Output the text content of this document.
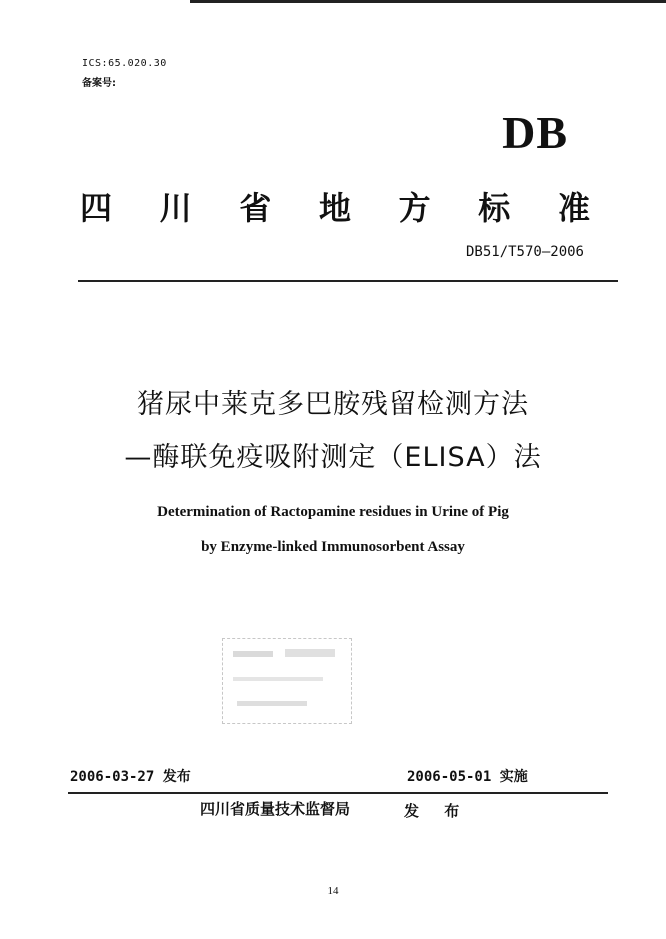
ICS:65.020.30
备案号:
DB
四 川 省 地 方 标 准
DB51/T570—2006
猪尿中莱克多巴胺残留检测方法
—酶联免疫吸附测定（ELISA）法
Determination of Ractopamine residues in Urine of Pig
by Enzyme-linked Immunosorbent Assay
2006-03-27 发布	2006-05-01 实施
四川省质量技术监督局	发 布
14
